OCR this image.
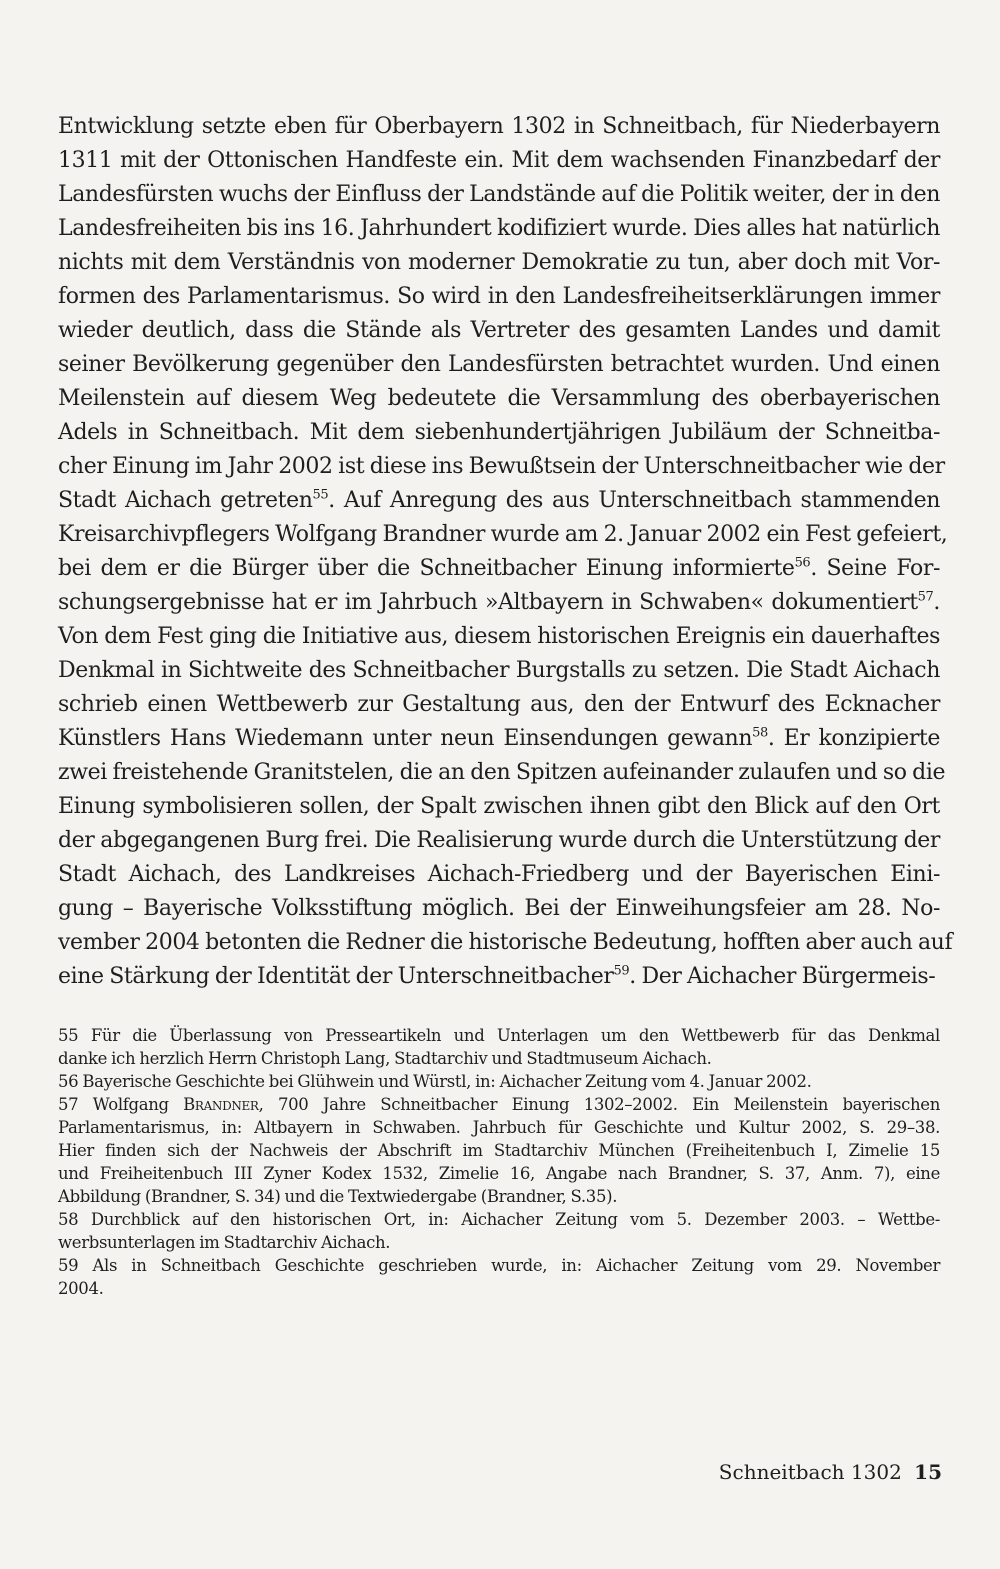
Entwicklung setzte eben für Oberbayern 1302 in Schneitbach, für Niederbayern
1311 mit der Ottonischen Handfeste ein. Mit dem wachsenden Finanzbedarf der
Landesfürsten wuchs der Einfluss der Landstände auf die Politik weiter, der in den
Landesfreiheiten bis ins 16. Jahrhundert kodifiziert wurde. Dies alles hat natürlich
nichts mit dem Verständnis von moderner Demokratie zu tun, aber doch mit Vor-
formen des Parlamentarismus. So wird in den Landesfreiheitserklärungen immer
wieder deutlich, dass die Stände als Vertreter des gesamten Landes und damit
seiner Bevölkerung gegenüber den Landesfürsten betrachtet wurden. Und einen
Meilenstein auf diesem Weg bedeutete die Versammlung des oberbayerischen
Adels in Schneitbach. Mit dem siebenhundertjährigen Jubiläum der Schneitba-
cher Einung im Jahr 2002 ist diese ins Bewußtsein der Unterschneitbacher wie der
Stadt Aichach getreten$^{55}$. Auf Anregung des aus Unterschneitbach stammenden
Kreisarchivpflegers Wolfgang Brandner wurde am 2. Januar 2002 ein Fest gefeiert,
bei dem er die Bürger über die Schneitbacher Einung informierte$^{56}$. Seine For-
schungsergebnisse hat er im Jahrbuch »Altbayern in Schwaben« dokumentiert$^{57}$.
Von dem Fest ging die Initiative aus, diesem historischen Ereignis ein dauerhaftes
Denkmal in Sichtweite des Schneitbacher Burgstalls zu setzen. Die Stadt Aichach
schrieb einen Wettbewerb zur Gestaltung aus, den der Entwurf des Ecknacher
Künstlers Hans Wiedemann unter neun Einsendungen gewann$^{58}$. Er konzipierte
zwei freistehende Granitstelen, die an den Spitzen aufeinander zulaufen und so die
Einung symbolisieren sollen, der Spalt zwischen ihnen gibt den Blick auf den Ort
der abgegangenen Burg frei. Die Realisierung wurde durch die Unterstützung der
Stadt Aichach, des Landkreises Aichach-Friedberg und der Bayerischen Eini-
gung – Bayerische Volksstiftung möglich. Bei der Einweihungsfeier am 28. No-
vember 2004 betonten die Redner die historische Bedeutung, hofften aber auch auf
eine Stärkung der Identität der Unterschneitbacher$^{59}$. Der Aichacher Bürgermeis-
55 Für die Überlassung von Presseartikeln und Unterlagen um den Wettbewerb für das Denkmal
danke ich herzlich Herrn Christoph Lang, Stadtarchiv und Stadtmuseum Aichach.
56 Bayerische Geschichte bei Glühwein und Würstl, in: Aichacher Zeitung vom 4. Januar 2002.
57 Wolfgang Brandner, 700 Jahre Schneitbacher Einung 1302–2002. Ein Meilenstein bayerischen
Parlamentarismus, in: Altbayern in Schwaben. Jahrbuch für Geschichte und Kultur 2002, S. 29–38.
Hier finden sich der Nachweis der Abschrift im Stadtarchiv München (Freiheitenbuch I, Zimelie 15
und Freiheitenbuch III Zyner Kodex 1532, Zimelie 16, Angabe nach Brandner, S. 37, Anm. 7), eine
Abbildung (Brandner, S. 34) und die Textwiedergabe (Brandner, S.35).
58 Durchblick auf den historischen Ort, in: Aichacher Zeitung vom 5. Dezember 2003. – Wettbe-
werbsunterlagen im Stadtarchiv Aichach.
59 Als in Schneitbach Geschichte geschrieben wurde, in: Aichacher Zeitung vom 29. November
2004.
Schneitbach 1302 15
